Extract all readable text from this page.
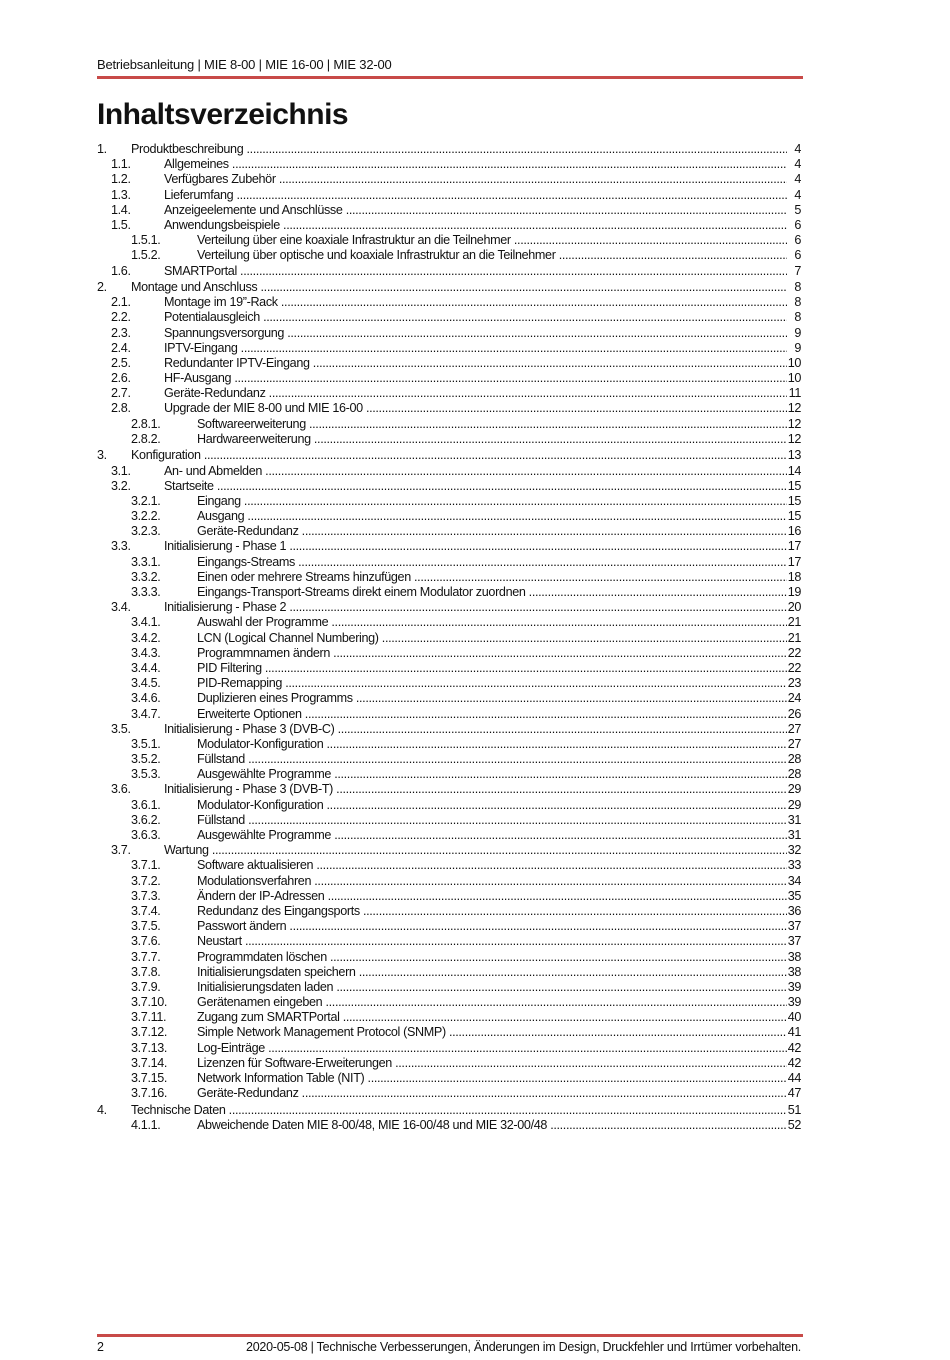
Betriebsanleitung | MIE 8-00 | MIE 16-00 | MIE 32-00
Inhaltsverzeichnis
1. Produktbeschreibung .....	4
1.1.	Allgemeines .....	4
1.2.	Verfügbares Zubehör .....	4
1.3.	Lieferumfang .....	4
1.4.	Anzeigeelemente und Anschlüsse .....	5
1.5.	Anwendungsbeispiele .....	6
1.5.1.	Verteilung über eine koaxiale Infrastruktur an die Teilnehmer .....	6
1.5.2.	Verteilung über optische und koaxiale Infrastruktur an die Teilnehmer .....	6
1.6.	SMARTPortal .....	7
2. Montage und Anschluss .....	8
2.1.	Montage im 19”-Rack .....	8
2.2.	Potentialausgleich .....	8
2.3.	Spannungsversorgung .....	9
2.4.	IPTV-Eingang .....	9
2.5.	Redundanter IPTV-Eingang .....	10
2.6.	HF-Ausgang .....	10
2.7.	Geräte-Redundanz .....	11
2.8.	Upgrade der MIE 8-00 und MIE 16-00 .....	12
2.8.1.	Softwareerweiterung .....	12
2.8.2.	Hardwareerweiterung .....	12
3. Konfiguration .....	13
3.1.	An- und Abmelden .....	14
3.2.	Startseite .....	15
3.2.1.	Eingang .....	15
3.2.2.	Ausgang .....	15
3.2.3.	Geräte-Redundanz .....	16
3.3.	Initialisierung - Phase 1 .....	17
3.3.1.	Eingangs-Streams .....	17
3.3.2.	Einen oder mehrere Streams hinzufügen .....	18
3.3.3.	Eingangs-Transport-Streams direkt einem Modulator zuordnen .....	19
3.4.	Initialisierung - Phase 2 .....	20
3.4.1.	Auswahl der Programme .....	21
3.4.2.	LCN (Logical Channel Numbering) .....	21
3.4.3.	Programmnamen ändern .....	22
3.4.4.	PID Filtering .....	22
3.4.5.	PID-Remapping .....	23
3.4.6.	Duplizieren eines Programms .....	24
3.4.7.	Erweiterte Optionen .....	26
3.5.	Initialisierung - Phase 3 (DVB-C) .....	27
3.5.1.	Modulator-Konfiguration .....	27
3.5.2.	Füllstand .....	28
3.5.3.	Ausgewählte Programme .....	28
3.6.	Initialisierung - Phase 3 (DVB-T) .....	29
3.6.1.	Modulator-Konfiguration .....	29
3.6.2.	Füllstand .....	31
3.6.3.	Ausgewählte Programme .....	31
3.7.	Wartung .....	32
3.7.1.	Software aktualisieren .....	33
3.7.2.	Modulationsverfahren .....	34
3.7.3.	Ändern der IP-Adressen .....	35
3.7.4.	Redundanz des Eingangsports .....	36
3.7.5.	Passwort ändern .....	37
3.7.6.	Neustart .....	37
3.7.7.	Programmdaten löschen .....	38
3.7.8.	Initialisierungsdaten speichern .....	38
3.7.9.	Initialisierungsdaten laden .....	39
3.7.10. Gerätenamen eingeben .....	39
3.7.11. Zugang zum SMARTPortal .....	40
3.7.12. Simple Network Management Protocol (SNMP) .....	41
3.7.13. Log-Einträge .....	42
3.7.14. Lizenzen für Software-Erweiterungen .....	42
3.7.15. Network Information Table (NIT) .....	44
3.7.16. Geräte-Redundanz .....	47
4. Technische Daten .....	51
4.1.1.	Abweichende Daten MIE 8-00/48, MIE 16-00/48 und MIE 32-00/48 .....	52
2	2020-05-08 | Technische Verbesserungen, Änderungen im Design, Druckfehler und Irrtümer vorbehalten.
